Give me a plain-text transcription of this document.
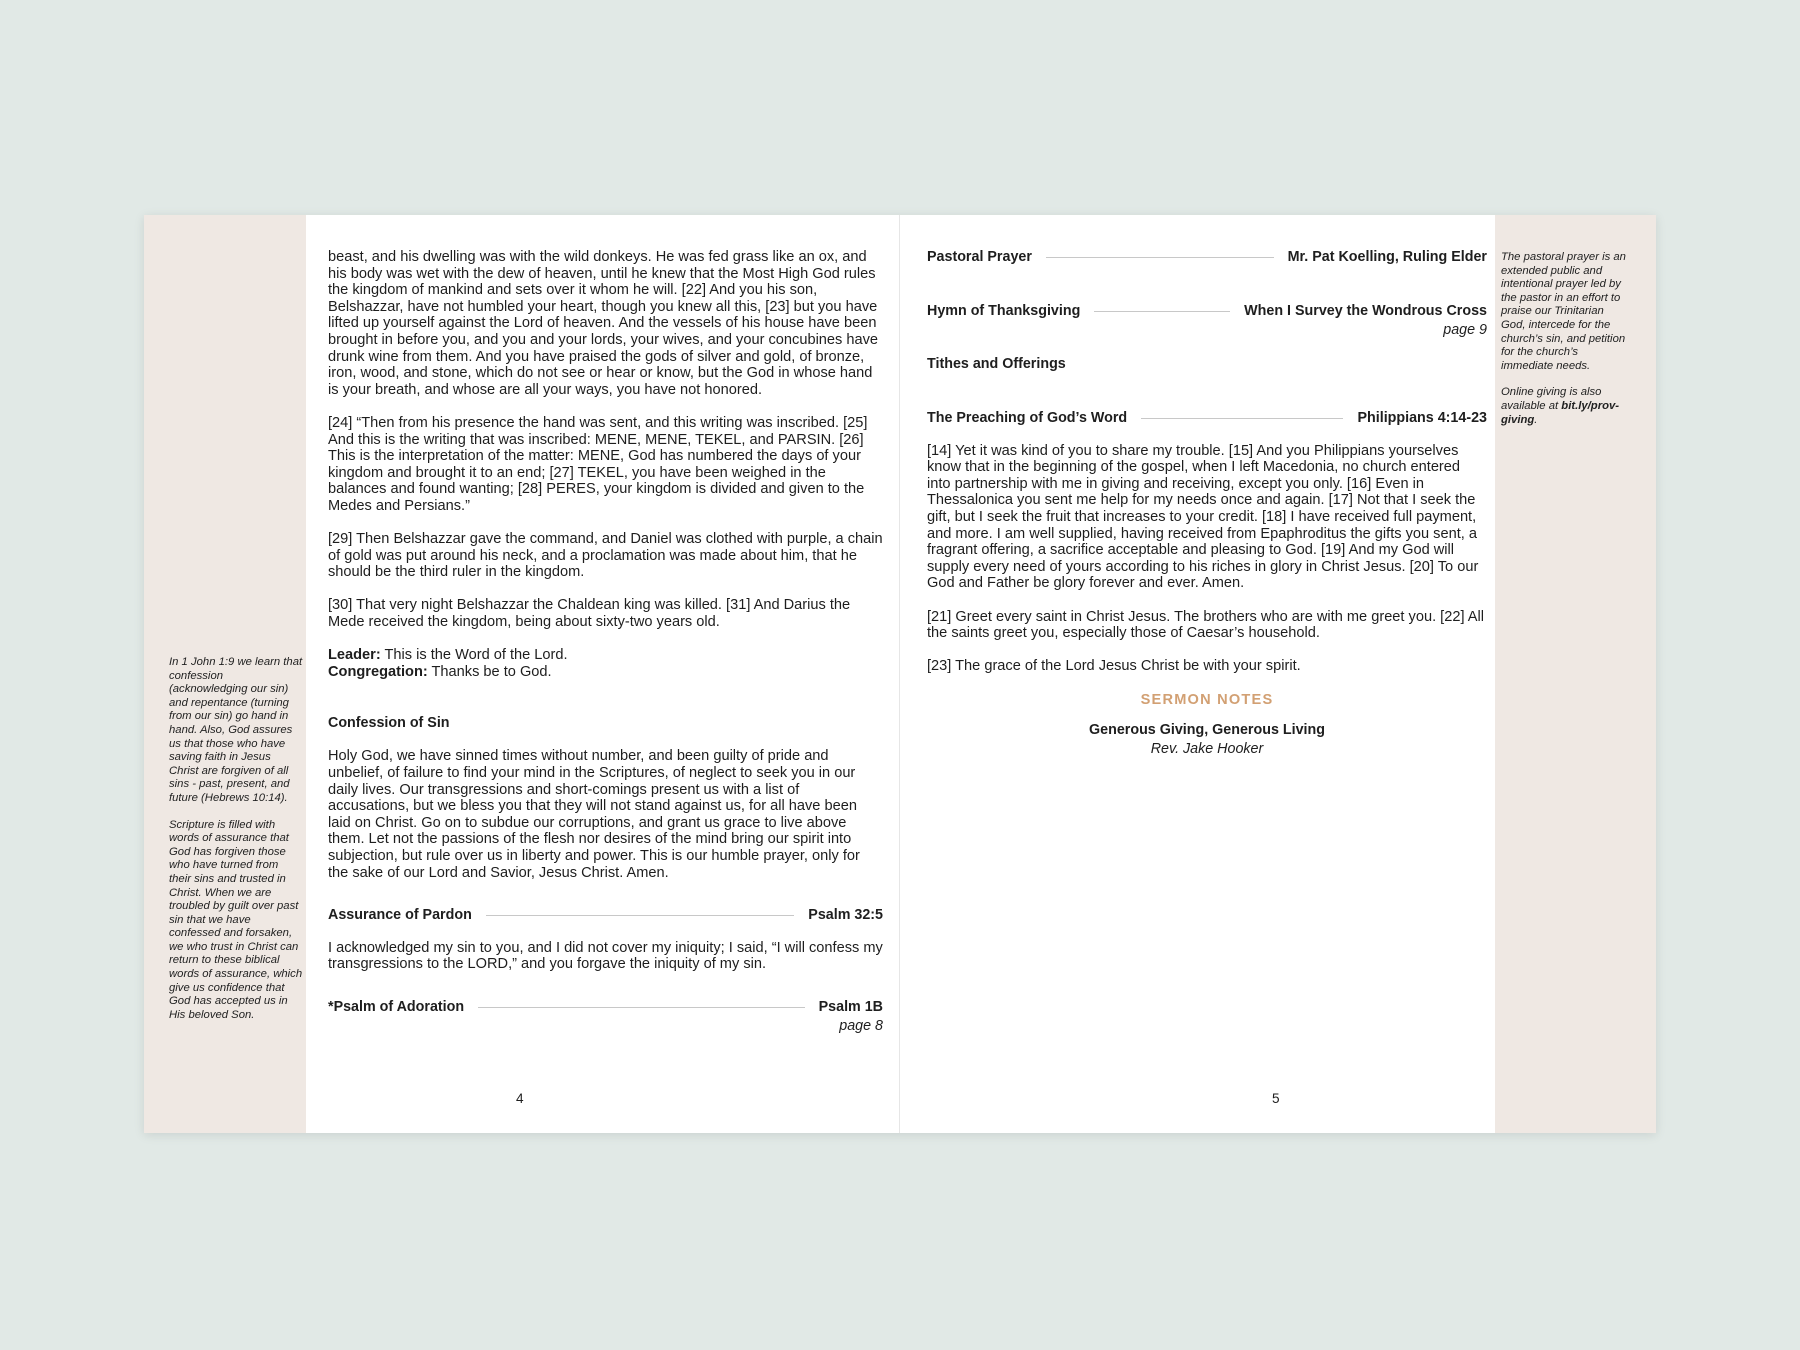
In 1 John 1:9 we learn that confession (acknowledging our sin) and repentance (turning from our sin) go hand in hand. Also, God assures us that those who have saving faith in Jesus Christ are forgiven of all sins - past, present, and future (Hebrews 10:14).

Scripture is filled with words of assurance that God has forgiven those who have turned from their sins and trusted in Christ. When we are troubled by guilt over past sin that we have confessed and forsaken, we who trust in Christ can return to these biblical words of assurance, which give us confidence that God has accepted us in His beloved Son.

The pastoral prayer is an extended public and intentional prayer led by the pastor in an effort to praise our Trinitarian God, intercede for the church’s sin, and petition for the church’s immediate needs.

Online giving is also available at bit.ly/prov-giving.

beast, and his dwelling was with the wild donkeys. He was fed grass like an ox, and his body was wet with the dew of heaven, until he knew that the Most High God rules the kingdom of mankind and sets over it whom he will. [22] And you his son, Belshazzar, have not humbled your heart, though you knew all this, [23] but you have lifted up yourself against the Lord of heaven. And the vessels of his house have been brought in before you, and you and your lords, your wives, and your concubines have drunk wine from them. And you have praised the gods of silver and gold, of bronze, iron, wood, and stone, which do not see or hear or know, but the God in whose hand is your breath, and whose are all your ways, you have not honored.

[24] “Then from his presence the hand was sent, and this writing was inscribed. [25] And this is the writing that was inscribed: MENE, MENE, TEKEL, and PARSIN. [26] This is the interpretation of the matter: MENE, God has numbered the days of your kingdom and brought it to an end; [27] TEKEL, you have been weighed in the balances and found wanting; [28] PERES, your kingdom is divided and given to the Medes and Persians.”

[29] Then Belshazzar gave the command, and Daniel was clothed with purple, a chain of gold was put around his neck, and a proclamation was made about him, that he should be the third ruler in the kingdom.

[30] That very night Belshazzar the Chaldean king was killed. [31] And Darius the Mede received the kingdom, being about sixty-two years old.

Leader: This is the Word of the Lord.
Congregation: Thanks be to God.

Confession of Sin

Holy God, we have sinned times without number, and been guilty of pride and unbelief, of failure to find your mind in the Scriptures, of neglect to seek you in our daily lives. Our transgressions and short-comings present us with a list of accusations, but we bless you that they will not stand against us, for all have been laid on Christ. Go on to subdue our corruptions, and grant us grace to live above them. Let not the passions of the flesh nor desires of the mind bring our spirit into subjection, but rule over us in liberty and power. This is our humble prayer, only for the sake of our Lord and Savior, Jesus Christ. Amen.

Assurance of Pardon	Psalm 32:5

I acknowledged my sin to you, and I did not cover my iniquity; I said, “I will confess my transgressions to the LORD,” and you forgave the iniquity of my sin.

*Psalm of Adoration	Psalm 1B
page 8
4
Pastoral Prayer	Mr. Pat Koelling, Ruling Elder
Hymn of Thanksgiving	When I Survey the Wondrous Cross
page 9
Tithes and Offerings
The Preaching of God’s Word	Philippians 4:14-23

[14] Yet it was kind of you to share my trouble. [15] And you Philippians yourselves know that in the beginning of the gospel, when I left Macedonia, no church entered into partnership with me in giving and receiving, except you only. [16] Even in Thessalonica you sent me help for my needs once and again. [17] Not that I seek the gift, but I seek the fruit that increases to your credit. [18] I have received full payment, and more. I am well supplied, having received from Epaphroditus the gifts you sent, a fragrant offering, a sacrifice acceptable and pleasing to God. [19] And my God will supply every need of yours according to his riches in glory in Christ Jesus. [20] To our God and Father be glory forever and ever. Amen.

[21] Greet every saint in Christ Jesus. The brothers who are with me greet you. [22] All the saints greet you, especially those of Caesar’s household.

[23] The grace of the Lord Jesus Christ be with your spirit.

SERMON NOTES
Generous Giving, Generous Living
Rev. Jake Hooker
5
